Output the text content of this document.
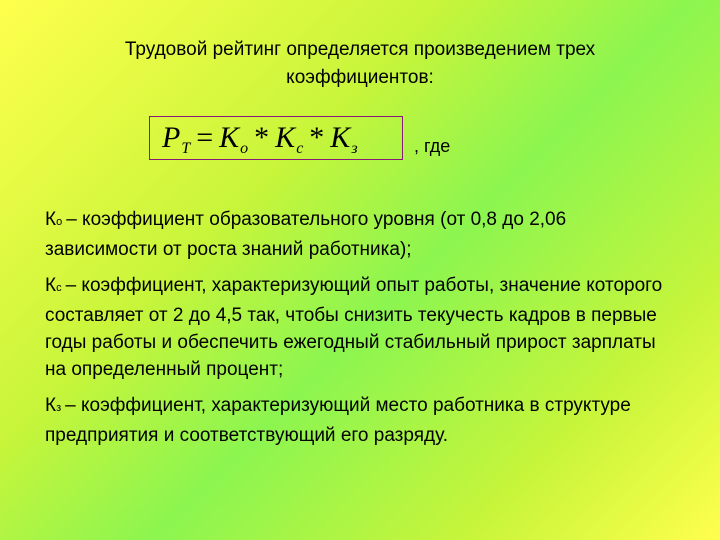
Трудовой рейтинг определяется произведением трех
коэффициентов:
$P_T = K_o * K_c * K_з$	, где

Ко – коэффициент образовательного уровня (от 0,8 до 2,06 зависимости от роста знаний работника);

Кс – коэффициент, характеризующий опыт работы, значение которого составляет от 2 до 4,5 так, чтобы снизить текучесть кадров в первые годы работы и обеспечить ежегодный стабильный прирост зарплаты на определенный процент;

Кз – коэффициент, характеризующий место работника в структуре предприятия и соответствующий его разряду.
